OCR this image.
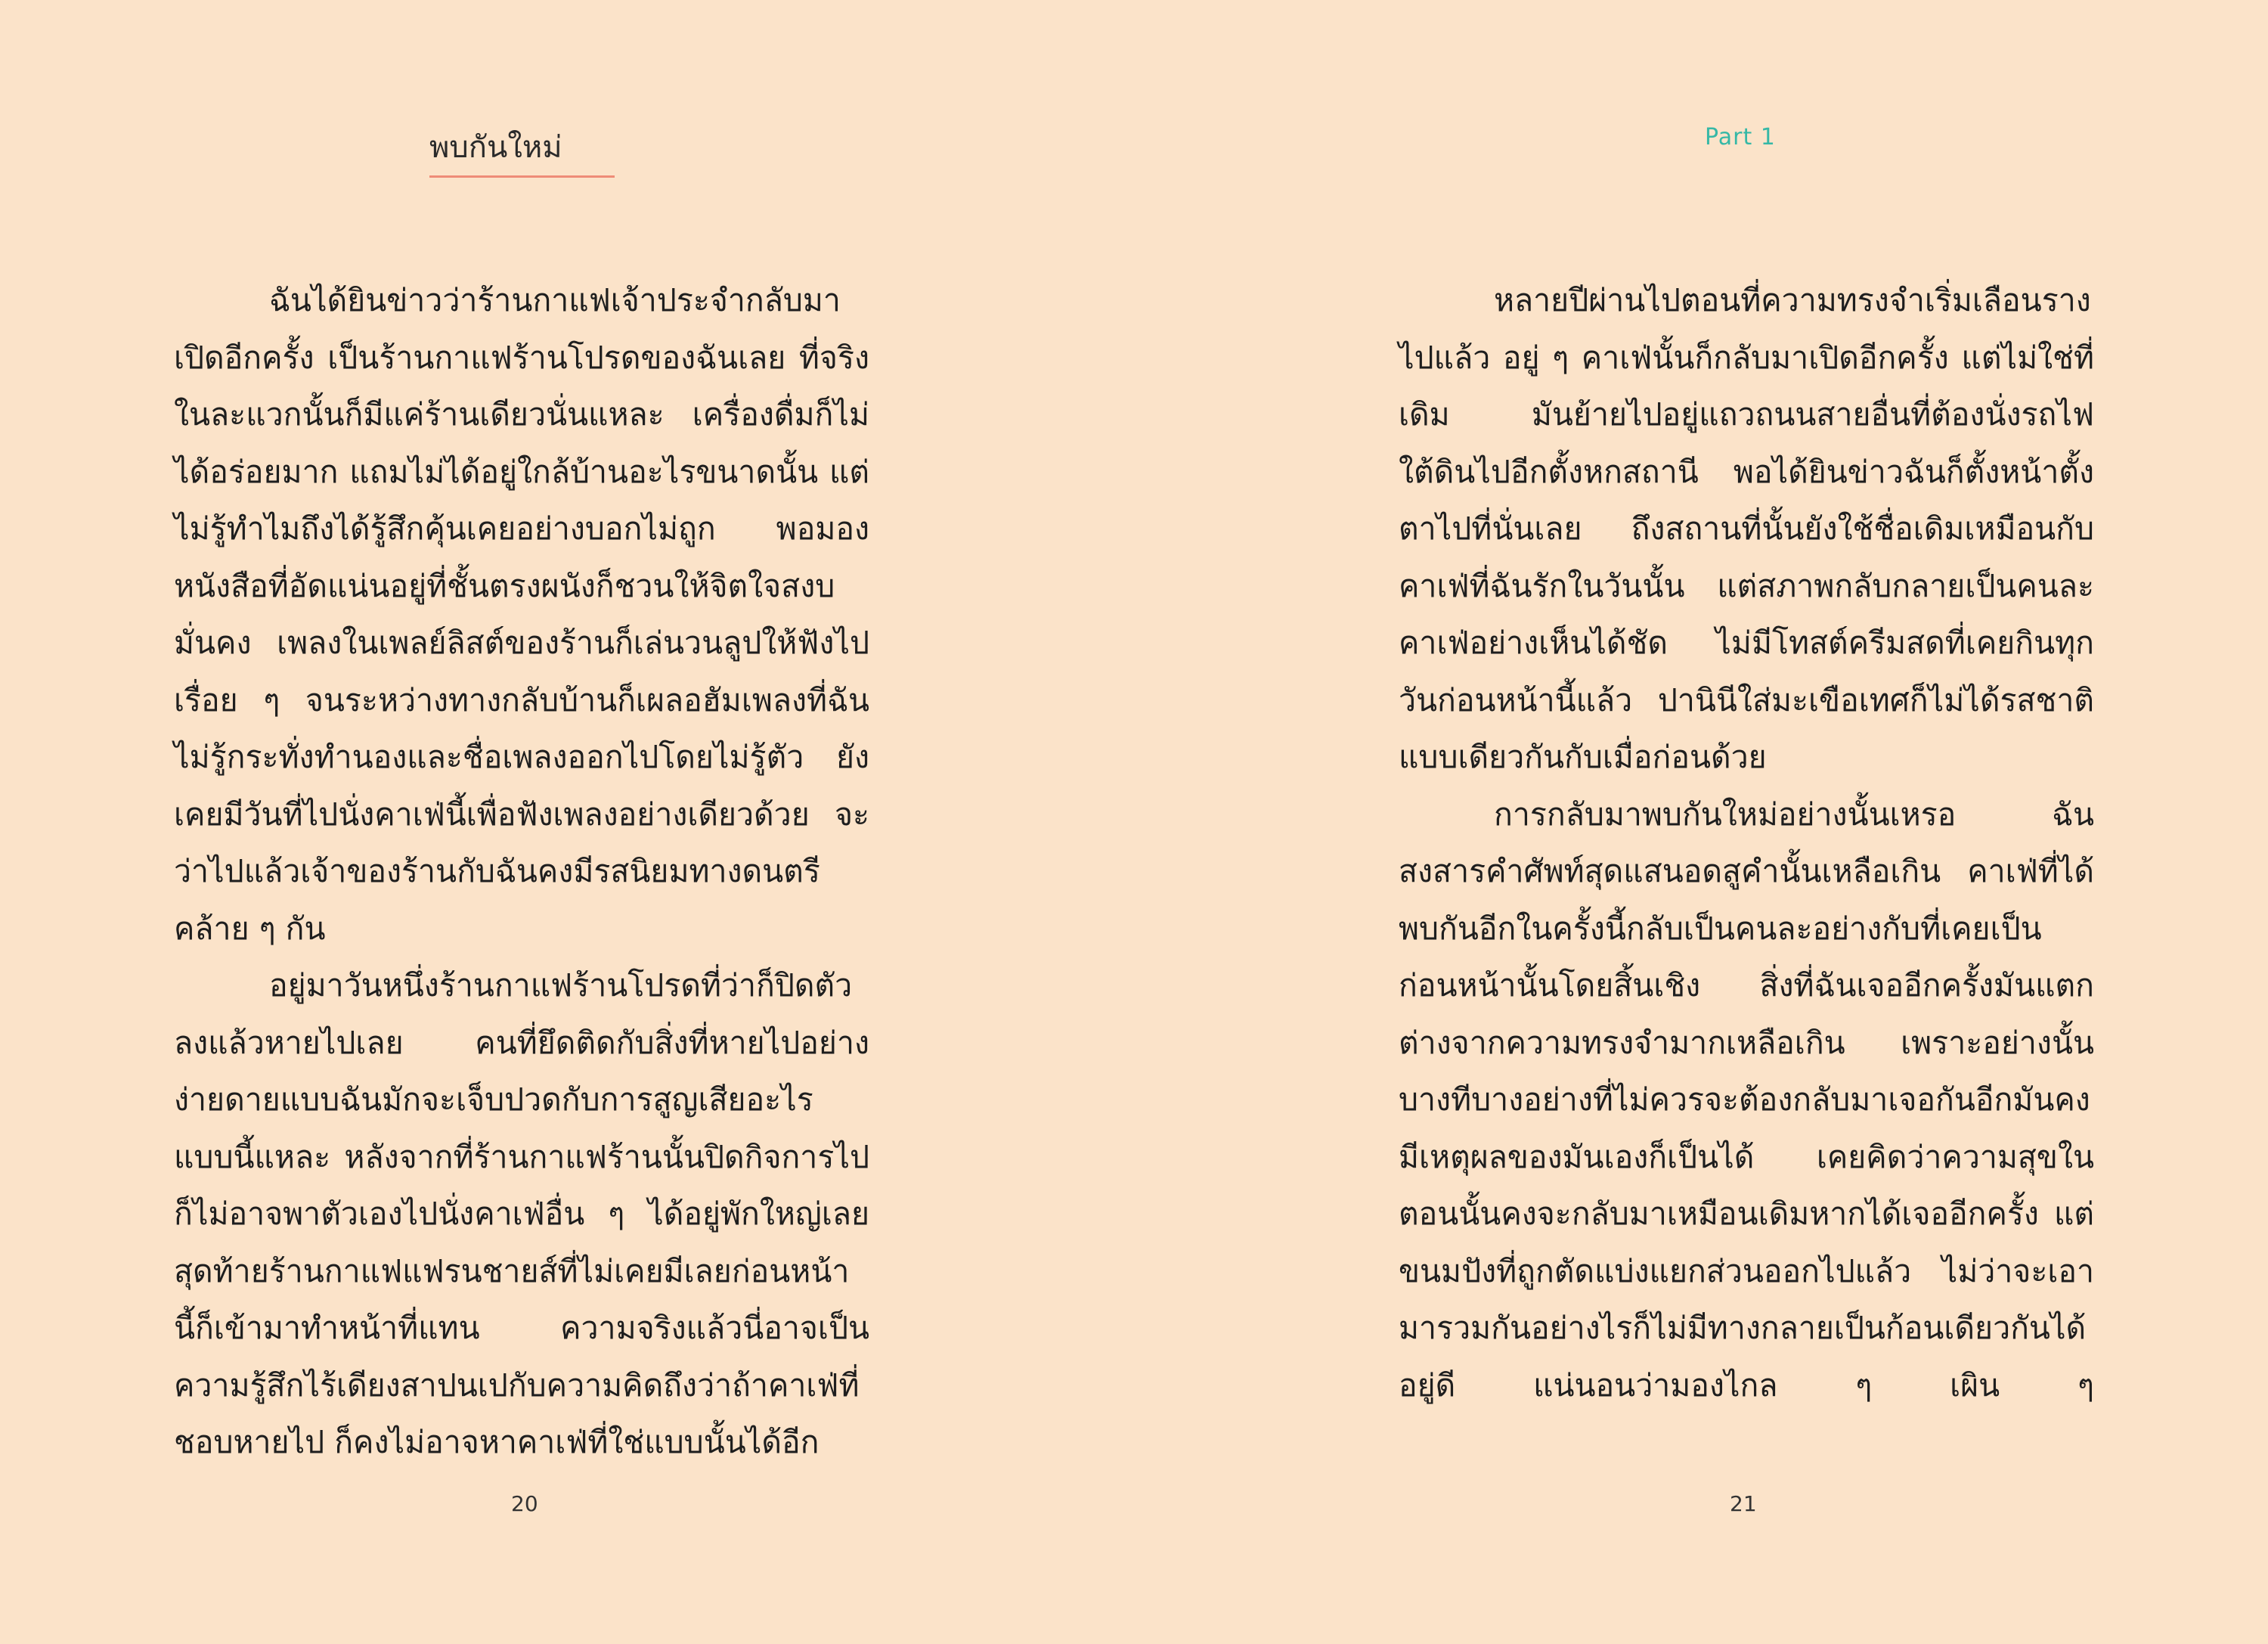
พบกันใหม่

ฉันได้ยินข่าวว่าร้านกาแฟเจ้าประจำกลับมาเปิดอีกครั้ง เป็นร้านกาแฟร้านโปรดของฉันเลย ที่จริงในละแวกนั้นก็มีแค่ร้านเดียวนั่นแหละ เครื่องดื่มก็ไม่ได้อร่อยมาก แถมไม่ได้อยู่ใกล้บ้านอะไรขนาดนั้น แต่ไม่รู้ทำไมถึงได้รู้สึกคุ้นเคยอย่างบอกไม่ถูก พอมองหนังสือที่อัดแน่นอยู่ที่ชั้นตรงผนังก็ชวนให้จิตใจสงบมั่นคง เพลงในเพลย์ลิสต์ของร้านก็เล่นวนลูปให้ฟังไปเรื่อย ๆ จนระหว่างทางกลับบ้านก็เผลอฮัมเพลงที่ฉันไม่รู้กระทั่งทำนองและชื่อเพลงออกไปโดยไม่รู้ตัว ยังเคยมีวันที่ไปนั่งคาเฟ่นี้เพื่อฟังเพลงอย่างเดียวด้วย จะว่าไปแล้วเจ้าของร้านกับฉันคงมีรสนิยมทางดนตรีคล้าย ๆ กัน

อยู่มาวันหนึ่งร้านกาแฟร้านโปรดที่ว่าก็ปิดตัวลงแล้วหายไปเลย คนที่ยึดติดกับสิ่งที่หายไปอย่างง่ายดายแบบฉันมักจะเจ็บปวดกับการสูญเสียอะไรแบบนี้แหละ หลังจากที่ร้านกาแฟร้านนั้นปิดกิจการไปก็ไม่อาจพาตัวเองไปนั่งคาเฟ่อื่น ๆ ได้อยู่พักใหญ่เลย สุดท้ายร้านกาแฟแฟรนชายส์ที่ไม่เคยมีเลยก่อนหน้านี้ก็เข้ามาทำหน้าที่แทน ความจริงแล้วนี่อาจเป็นความรู้สึกไร้เดียงสาปนเปกับความคิดถึงว่าถ้าคาเฟ่ที่ชอบหายไป ก็คงไม่อาจหาคาเฟ่ที่ใช่แบบนั้นได้อีก

20
Part 1

หลายปีผ่านไปตอนที่ความทรงจำเริ่มเลือนรางไปแล้ว อยู่ ๆ คาเฟ่นั้นก็กลับมาเปิดอีกครั้ง แต่ไม่ใช่ที่เดิม มันย้ายไปอยู่แถวถนนสายอื่นที่ต้องนั่งรถไฟใต้ดินไปอีกตั้งหกสถานี พอได้ยินข่าวฉันก็ตั้งหน้าตั้งตาไปที่นั่นเลย ถึงสถานที่นั้นยังใช้ชื่อเดิมเหมือนกับคาเฟ่ที่ฉันรักในวันนั้น แต่สภาพกลับกลายเป็นคนละคาเฟ่อย่างเห็นได้ชัด ไม่มีโทสต์ครีมสดที่เคยกินทุกวันก่อนหน้านี้แล้ว ปานินีใส่มะเขือเทศก็ไม่ได้รสชาติแบบเดียวกันกับเมื่อก่อนด้วย

การกลับมาพบกันใหม่อย่างนั้นเหรอ ฉันสงสารคำศัพท์สุดแสนอดสูคำนั้นเหลือเกิน คาเฟ่ที่ได้พบกันอีกในครั้งนี้กลับเป็นคนละอย่างกับที่เคยเป็นก่อนหน้านั้นโดยสิ้นเชิง สิ่งที่ฉันเจออีกครั้งมันแตกต่างจากความทรงจำมากเหลือเกิน เพราะอย่างนั้นบางทีบางอย่างที่ไม่ควรจะต้องกลับมาเจอกันอีกมันคงมีเหตุผลของมันเองก็เป็นได้ เคยคิดว่าความสุขในตอนนั้นคงจะกลับมาเหมือนเดิมหากได้เจออีกครั้ง แต่ขนมปังที่ถูกตัดแบ่งแยกส่วนออกไปแล้ว ไม่ว่าจะเอามารวมกันอย่างไรก็ไม่มีทางกลายเป็นก้อนเดียวกันได้อยู่ดี แน่นอนว่ามองไกล ๆ เผิน ๆ

21
